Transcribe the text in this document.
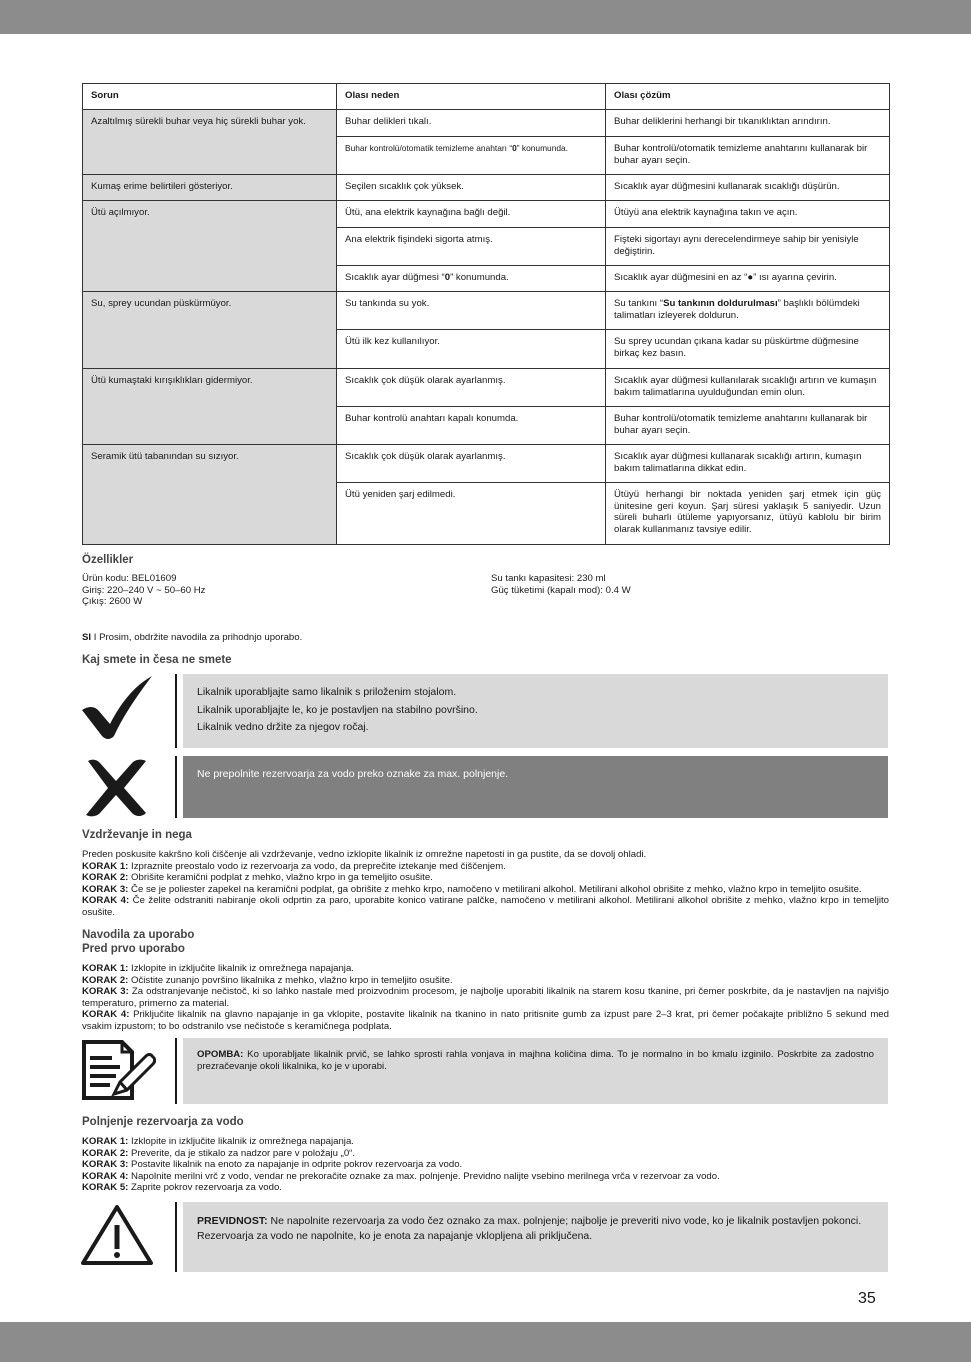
Sorun	Olası neden	Olası çözüm
Azaltılmış sürekli buhar veya hiç sürekli buhar yok.	Buhar delikleri tıkalı.	Buhar deliklerini herhangi bir tıkanıklıktan arındırın.
	Buhar kontrolü/otomatik temizleme anahtarı “0” konumunda.	Buhar kontrolü/otomatik temizleme anahtarını kullanarak bir buhar ayarı seçin.
Kumaş erime belirtileri gösteriyor.	Seçilen sıcaklık çok yüksek.	Sıcaklık ayar düğmesini kullanarak sıcaklığı düşürün.
Ütü açılmıyor.	Ütü, ana elektrik kaynağına bağlı değil.	Ütüyü ana elektrik kaynağına takın ve açın.
	Ana elektrik fişindeki sigorta atmış.	Fişteki sigortayı aynı derecelendirmeye sahip bir yenisiyle değiştirin.
	Sıcaklık ayar düğmesi “0” konumunda.	Sıcaklık ayar düğmesini en az “●” ısı ayarına çevirin.
Su, sprey ucundan püskürmüyor.	Su tankında su yok.	Su tankını “Su tankının doldurulması” başlıklı bölümdeki talimatları izleyerek doldurun.
	Ütü ilk kez kullanılıyor.	Su sprey ucundan çıkana kadar su püskürtme düğmesine birkaç kez basın.
Ütü kumaştaki kırışıklıkları gidermiyor.	Sıcaklık çok düşük olarak ayarlanmış.	Sıcaklık ayar düğmesi kullanılarak sıcaklığı artırın ve kumaşın bakım talimatlarına uyulduğundan emin olun.
	Buhar kontrolü anahtarı kapalı konumda.	Buhar kontrolü/otomatik temizleme anahtarını kullanarak bir buhar ayarı seçin.
Seramik ütü tabanından su sızıyor.	Sıcaklık çok düşük olarak ayarlanmış.	Sıcaklık ayar düğmesi kullanarak sıcaklığı artırın, kumaşın bakım talimatlarına dikkat edin.
	Ütü yeniden şarj edilmedi.	Ütüyü herhangi bir noktada yeniden şarj etmek için güç ünitesine geri koyun. Şarj süresi yaklaşık 5 saniyedir. Uzun süreli buharlı ütüleme yapıyorsanız, ütüyü kablolu bir birim olarak kullanmanız tavsiye edilir.
Özellikler
Ürün kodu: BEL01609
Giriş: 220–240 V ~ 50–60 Hz
Çıkış: 2600 W
Su tankı kapasitesi: 230 ml
Güç tüketimi (kapalı mod): 0.4 W
SI I Prosim, obdržite navodila za prihodnjo uporabo.
Kaj smete in česa ne smete
Likalnik uporabljajte samo likalnik s priloženim stojalom.
Likalnik uporabljajte le, ko je postavljen na stabilno površino.
Likalnik vedno držite za njegov ročaj.
Ne prepolnite rezervoarja za vodo preko oznake za max. polnjenje.
Vzdrževanje in nega
Preden poskusite kakršno koli čiščenje ali vzdrževanje, vedno izklopite likalnik iz omrežne napetosti in ga pustite, da se dovolj ohladi.
KORAK 1: Izpraznite preostalo vodo iz rezervoarja za vodo, da preprečite iztekanje med čiščenjem.
KORAK 2: Obrišite keramični podplat z mehko, vlažno krpo in ga temeljito osušite.
KORAK 3: Če se je poliester zapekel na keramični podplat, ga obrišite z mehko krpo, namočeno v metilirani alkohol. Metilirani alkohol obrišite z mehko, vlažno krpo in temeljito osušite.
KORAK 4: Če želite odstraniti nabiranje okoli odprtin za paro, uporabite konico vatirane palčke, namočeno v metilirani alkohol. Metilirani alkohol obrišite z mehko, vlažno krpo in temeljito osušite.
Navodila za uporabo
Pred prvo uporabo
KORAK 1: Izklopite in izključite likalnik iz omrežnega napajanja.
KORAK 2: Očistite zunanjo površino likalnika z mehko, vlažno krpo in temeljito osušite.
KORAK 3: Za odstranjevanje nečistoč, ki so lahko nastale med proizvodnim procesom, je najbolje uporabiti likalnik na starem kosu tkanine, pri čemer poskrbite, da je nastavljen na najvišjo temperaturo, primerno za material.
KORAK 4: Priključite likalnik na glavno napajanje in ga vklopite, postavite likalnik na tkanino in nato pritisnite gumb za izpust pare 2–3 krat, pri čemer počakajte približno 5 sekund med vsakim izpustom; to bo odstranilo vse nečistoče s keramičnega podplata.
OPOMBA: Ko uporabljate likalnik prvič, se lahko sprosti rahla vonjava in majhna količina dima. To je normalno in bo kmalu izginilo. Poskrbite za zadostno prezračevanje okoli likalnika, ko je v uporabi.
Polnjenje rezervoarja za vodo
KORAK 1: Izklopite in izključite likalnik iz omrežnega napajanja.
KORAK 2: Preverite, da je stikalo za nadzor pare v položaju „0“.
KORAK 3: Postavite likalnik na enoto za napajanje in odprite pokrov rezervoarja za vodo.
KORAK 4: Napolnite merilni vrč z vodo, vendar ne prekoračite oznake za max. polnjenje. Previdno nalijte vsebino merilnega vrča v rezervoar za vodo.
KORAK 5: Zaprite pokrov rezervoarja za vodo.
PREVIDNOST: Ne napolnite rezervoarja za vodo čez oznako za max. polnjenje; najbolje je preveriti nivo vode, ko je likalnik postavljen pokonci. Rezervoarja za vodo ne napolnite, ko je enota za napajanje vklopljena ali priključena.
35
